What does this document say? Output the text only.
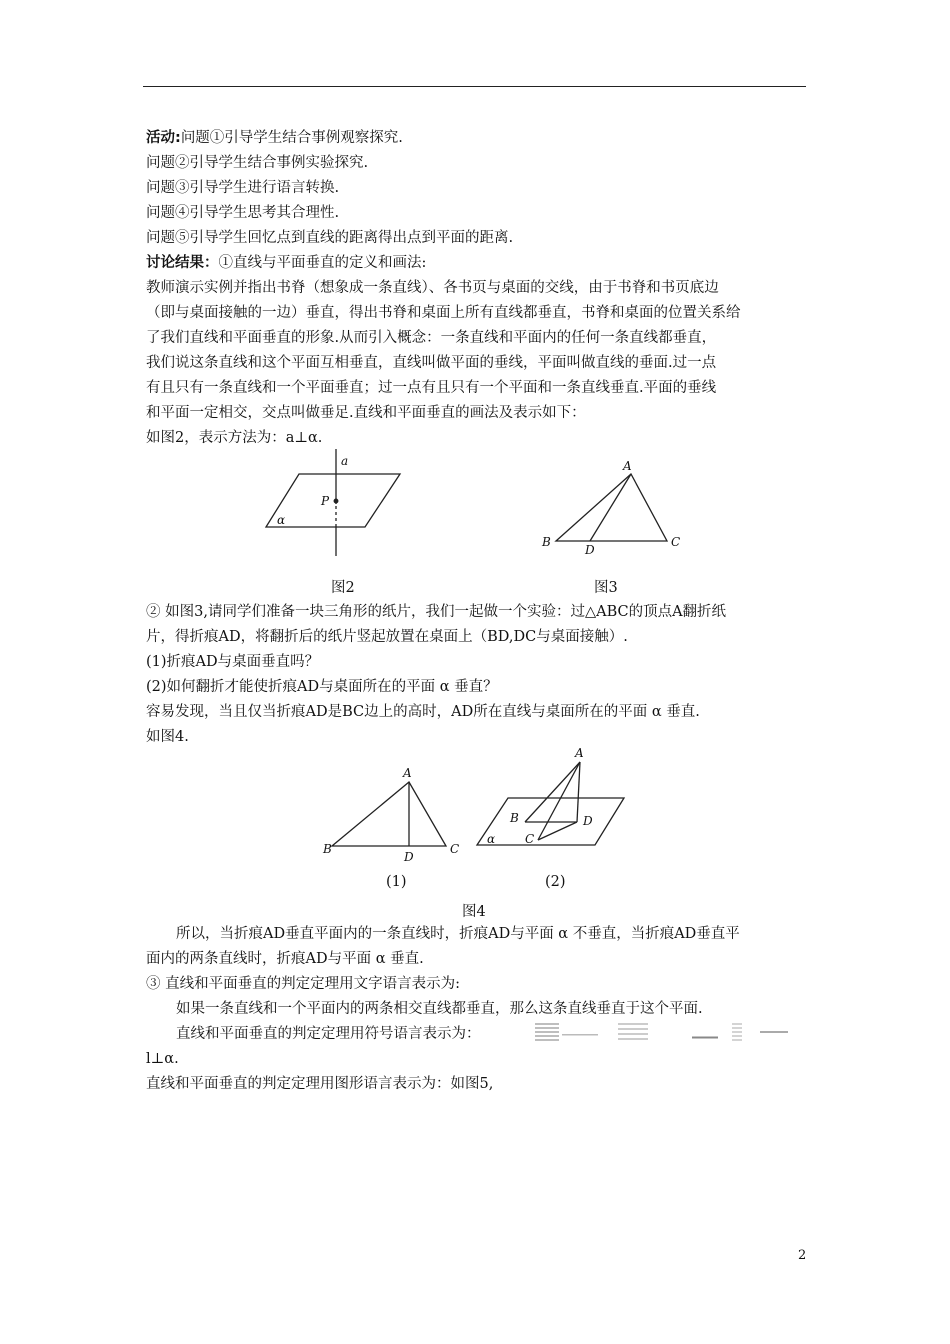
活动:问题①引导学生结合事例观察探究.
问题②引导学生结合事例实验探究.
问题③引导学生进行语言转换.
问题④引导学生思考其合理性.
问题⑤引导学生回忆点到直线的距离得出点到平面的距离.
讨论结果：①直线与平面垂直的定义和画法:
教师演示实例并指出书脊（想象成一条直线）、各书页与桌面的交线，由于书脊和书页底边
（即与桌面接触的一边）垂直，得出书脊和桌面上所有直线都垂直，书脊和桌面的位置关系给
了我们直线和平面垂直的形象.从而引入概念：一条直线和平面内的任何一条直线都垂直，
我们说这条直线和这个平面互相垂直，直线叫做平面的垂线，平面叫做直线的垂面.过一点
有且只有一条直线和一个平面垂直；过一点有且只有一个平面和一条直线垂直.平面的垂线
和平面一定相交，交点叫做垂足.直线和平面垂直的画法及表示如下：
如图2，表示方法为：a⊥α.
a
P
α
A
B	C
D
A
B	C
D
A
B
C
D
α
图2	图3
② 如图3,请同学们准备一块三角形的纸片，我们一起做一个实验：过△ABC的顶点A翻折纸
片，得折痕AD，将翻折后的纸片竖起放置在桌面上（BD,DC与桌面接触）.
(1)折痕AD与桌面垂直吗？
(2)如何翻折才能使折痕AD与桌面所在的平面 α 垂直？
容易发现，当且仅当折痕AD是BC边上的高时，AD所在直线与桌面所在的平面 α 垂直.
如图4.
(1)	(2)
图4
所以，当折痕AD垂直平面内的一条直线时，折痕AD与平面 α 不垂直，当折痕AD垂直平
面内的两条直线时，折痕AD与平面 α 垂直.
③ 直线和平面垂直的判定定理用文字语言表示为:
如果一条直线和一个平面内的两条相交直线都垂直，那么这条直线垂直于这个平面.
直线和平面垂直的判定定理用符号语言表示为：
l⊥α.
直线和平面垂直的判定定理用图形语言表示为：如图5,
2
